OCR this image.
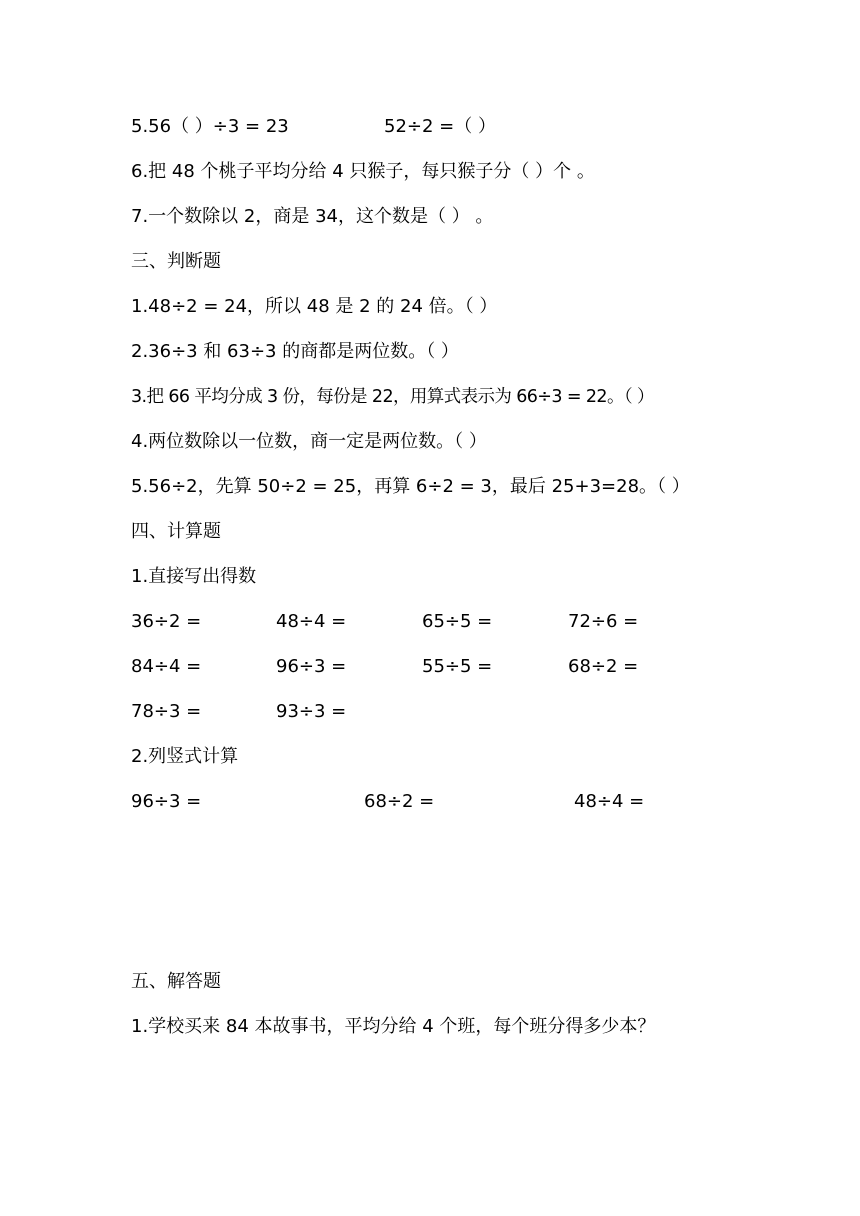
5.56（ ）÷3 = 23	52÷2 =（ ）
6.把 48 个桃子平均分给 4 只猴子，每只猴子分（ ）个 。
7.一个数除以 2，商是 34，这个数是（ ） 。
三、判断题
1.48÷2 = 24，所以 48 是 2 的 24 倍。（ ）
2.36÷3 和 63÷3 的商都是两位数。（ ）
3.把 66 平均分成 3 份，每份是 22，用算式表示为 66÷3 = 22。（ ）
4.两位数除以一位数，商一定是两位数。（ ）
5.56÷2，先算 50÷2 = 25，再算 6÷2 = 3，最后 25+3=28。（ ）
四、计算题
1.直接写出得数
36÷2 =	48÷4 =	65÷5 =	72÷6 =
84÷4 =	96÷3 =	55÷5 =	68÷2 =
78÷3 =	93÷3 =
2.列竖式计算
96÷3 =	68÷2 =	48÷4 =
五、解答题
1.学校买来 84 本故事书，平均分给 4 个班，每个班分得多少本？
